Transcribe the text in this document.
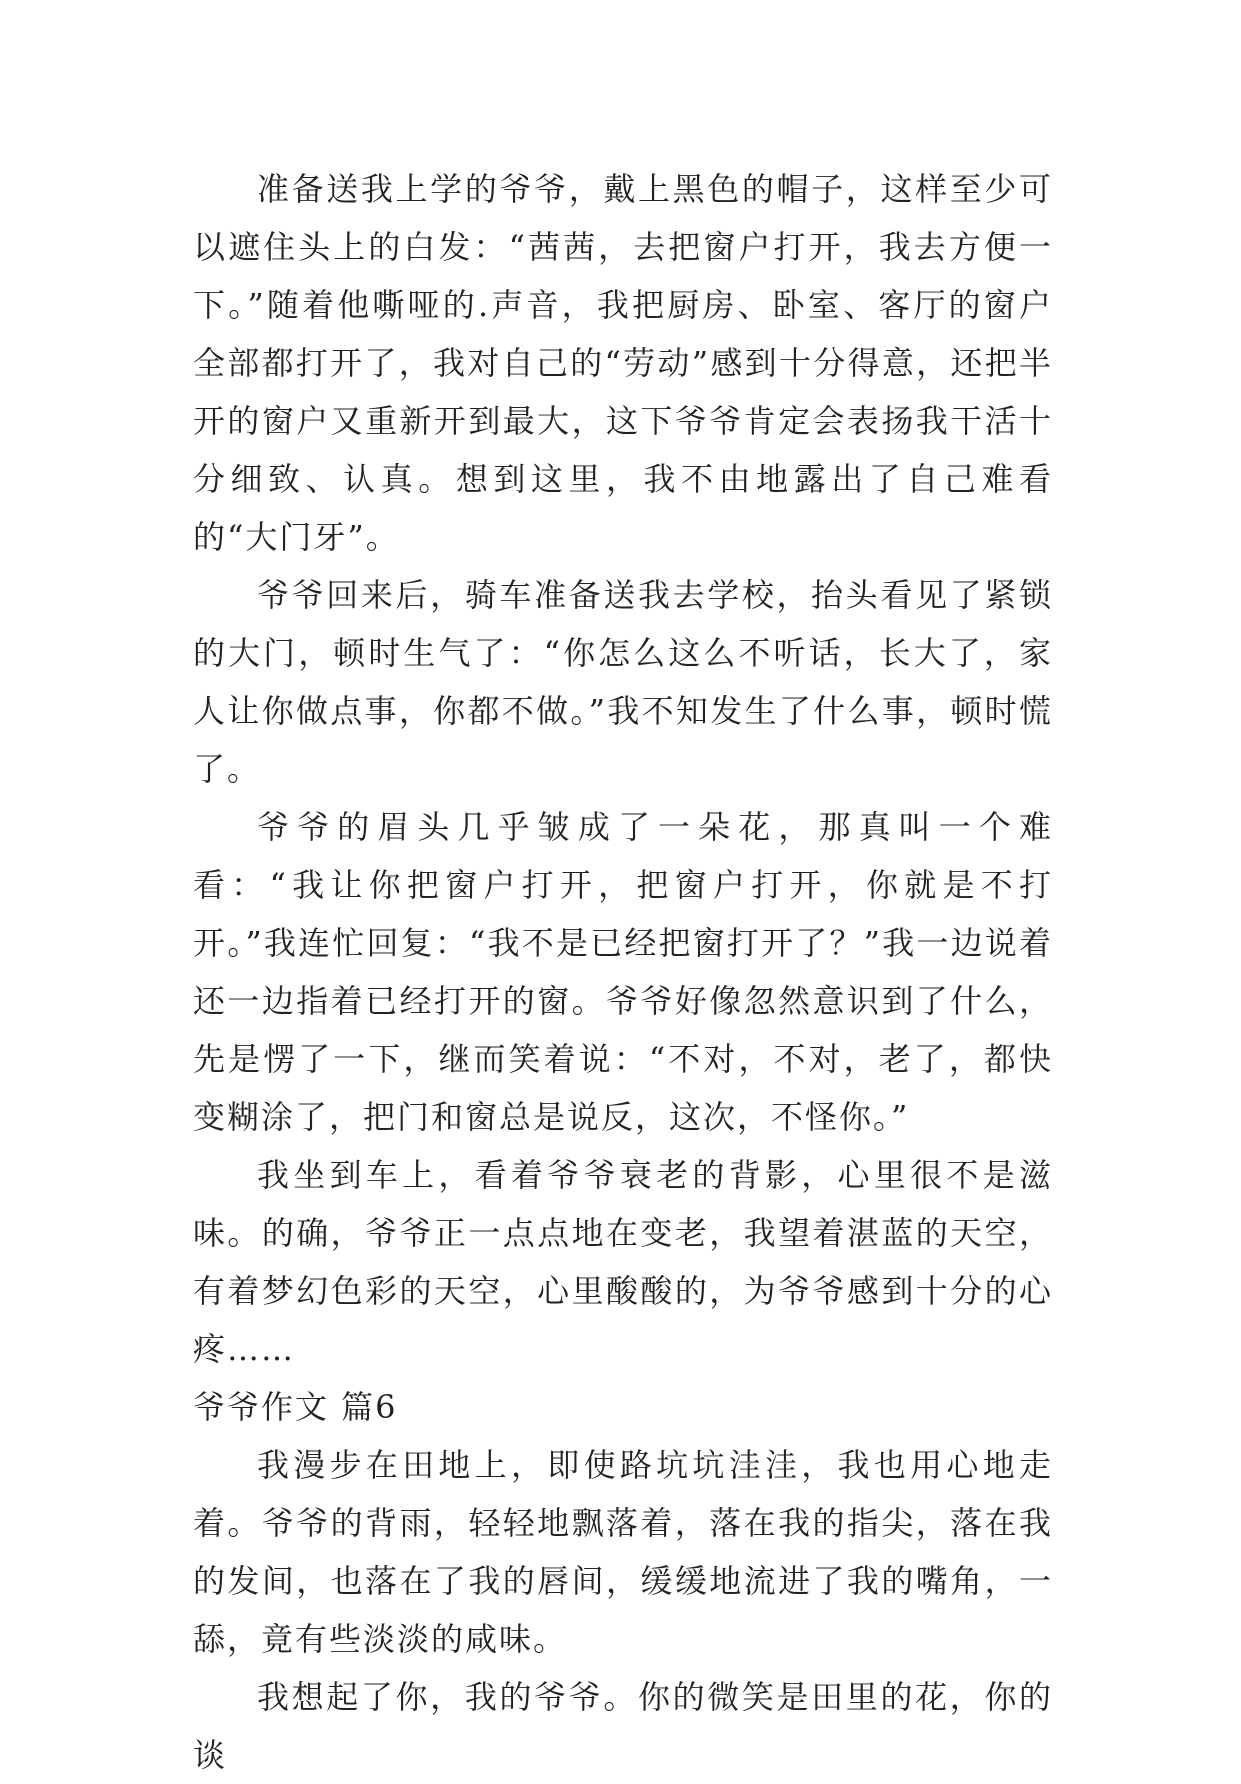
准备送我上学的爷爷，戴上黑色的帽子，这样至少可以遮住头上的白发：“茜茜，去把窗户打开，我去方便一下。”随着他嘶哑的.声音，我把厨房、卧室、客厅的窗户全部都打开了，我对自己的“劳动”感到十分得意，还把半开的窗户又重新开到最大，这下爷爷肯定会表扬我干活十分细致、认真。想到这里，我不由地露出了自己难看的“大门牙”。

爷爷回来后，骑车准备送我去学校，抬头看见了紧锁的大门，顿时生气了：“你怎么这么不听话，长大了，家人让你做点事，你都不做。”我不知发生了什么事，顿时慌了。

爷爷的眉头几乎皱成了一朵花，那真叫一个难看：“我让你把窗户打开，把窗户打开，你就是不打开。”我连忙回复：“我不是已经把窗打开了？”我一边说着还一边指着已经打开的窗。爷爷好像忽然意识到了什么，先是愣了一下，继而笑着说：“不对，不对，老了，都快变糊涂了，把门和窗总是说反，这次，不怪你。”

我坐到车上，看着爷爷衰老的背影，心里很不是滋味。的确，爷爷正一点点地在变老，我望着湛蓝的天空，有着梦幻色彩的天空，心里酸酸的，为爷爷感到十分的心疼……

爷爷作文 篇6

我漫步在田地上，即使路坑坑洼洼，我也用心地走着。爷爷的背雨，轻轻地飘落着，落在我的指尖，落在我的发间，也落在了我的唇间，缓缓地流进了我的嘴角，一舔，竟有些淡淡的咸味。

我想起了你，我的爷爷。你的微笑是田里的花，你的谈
